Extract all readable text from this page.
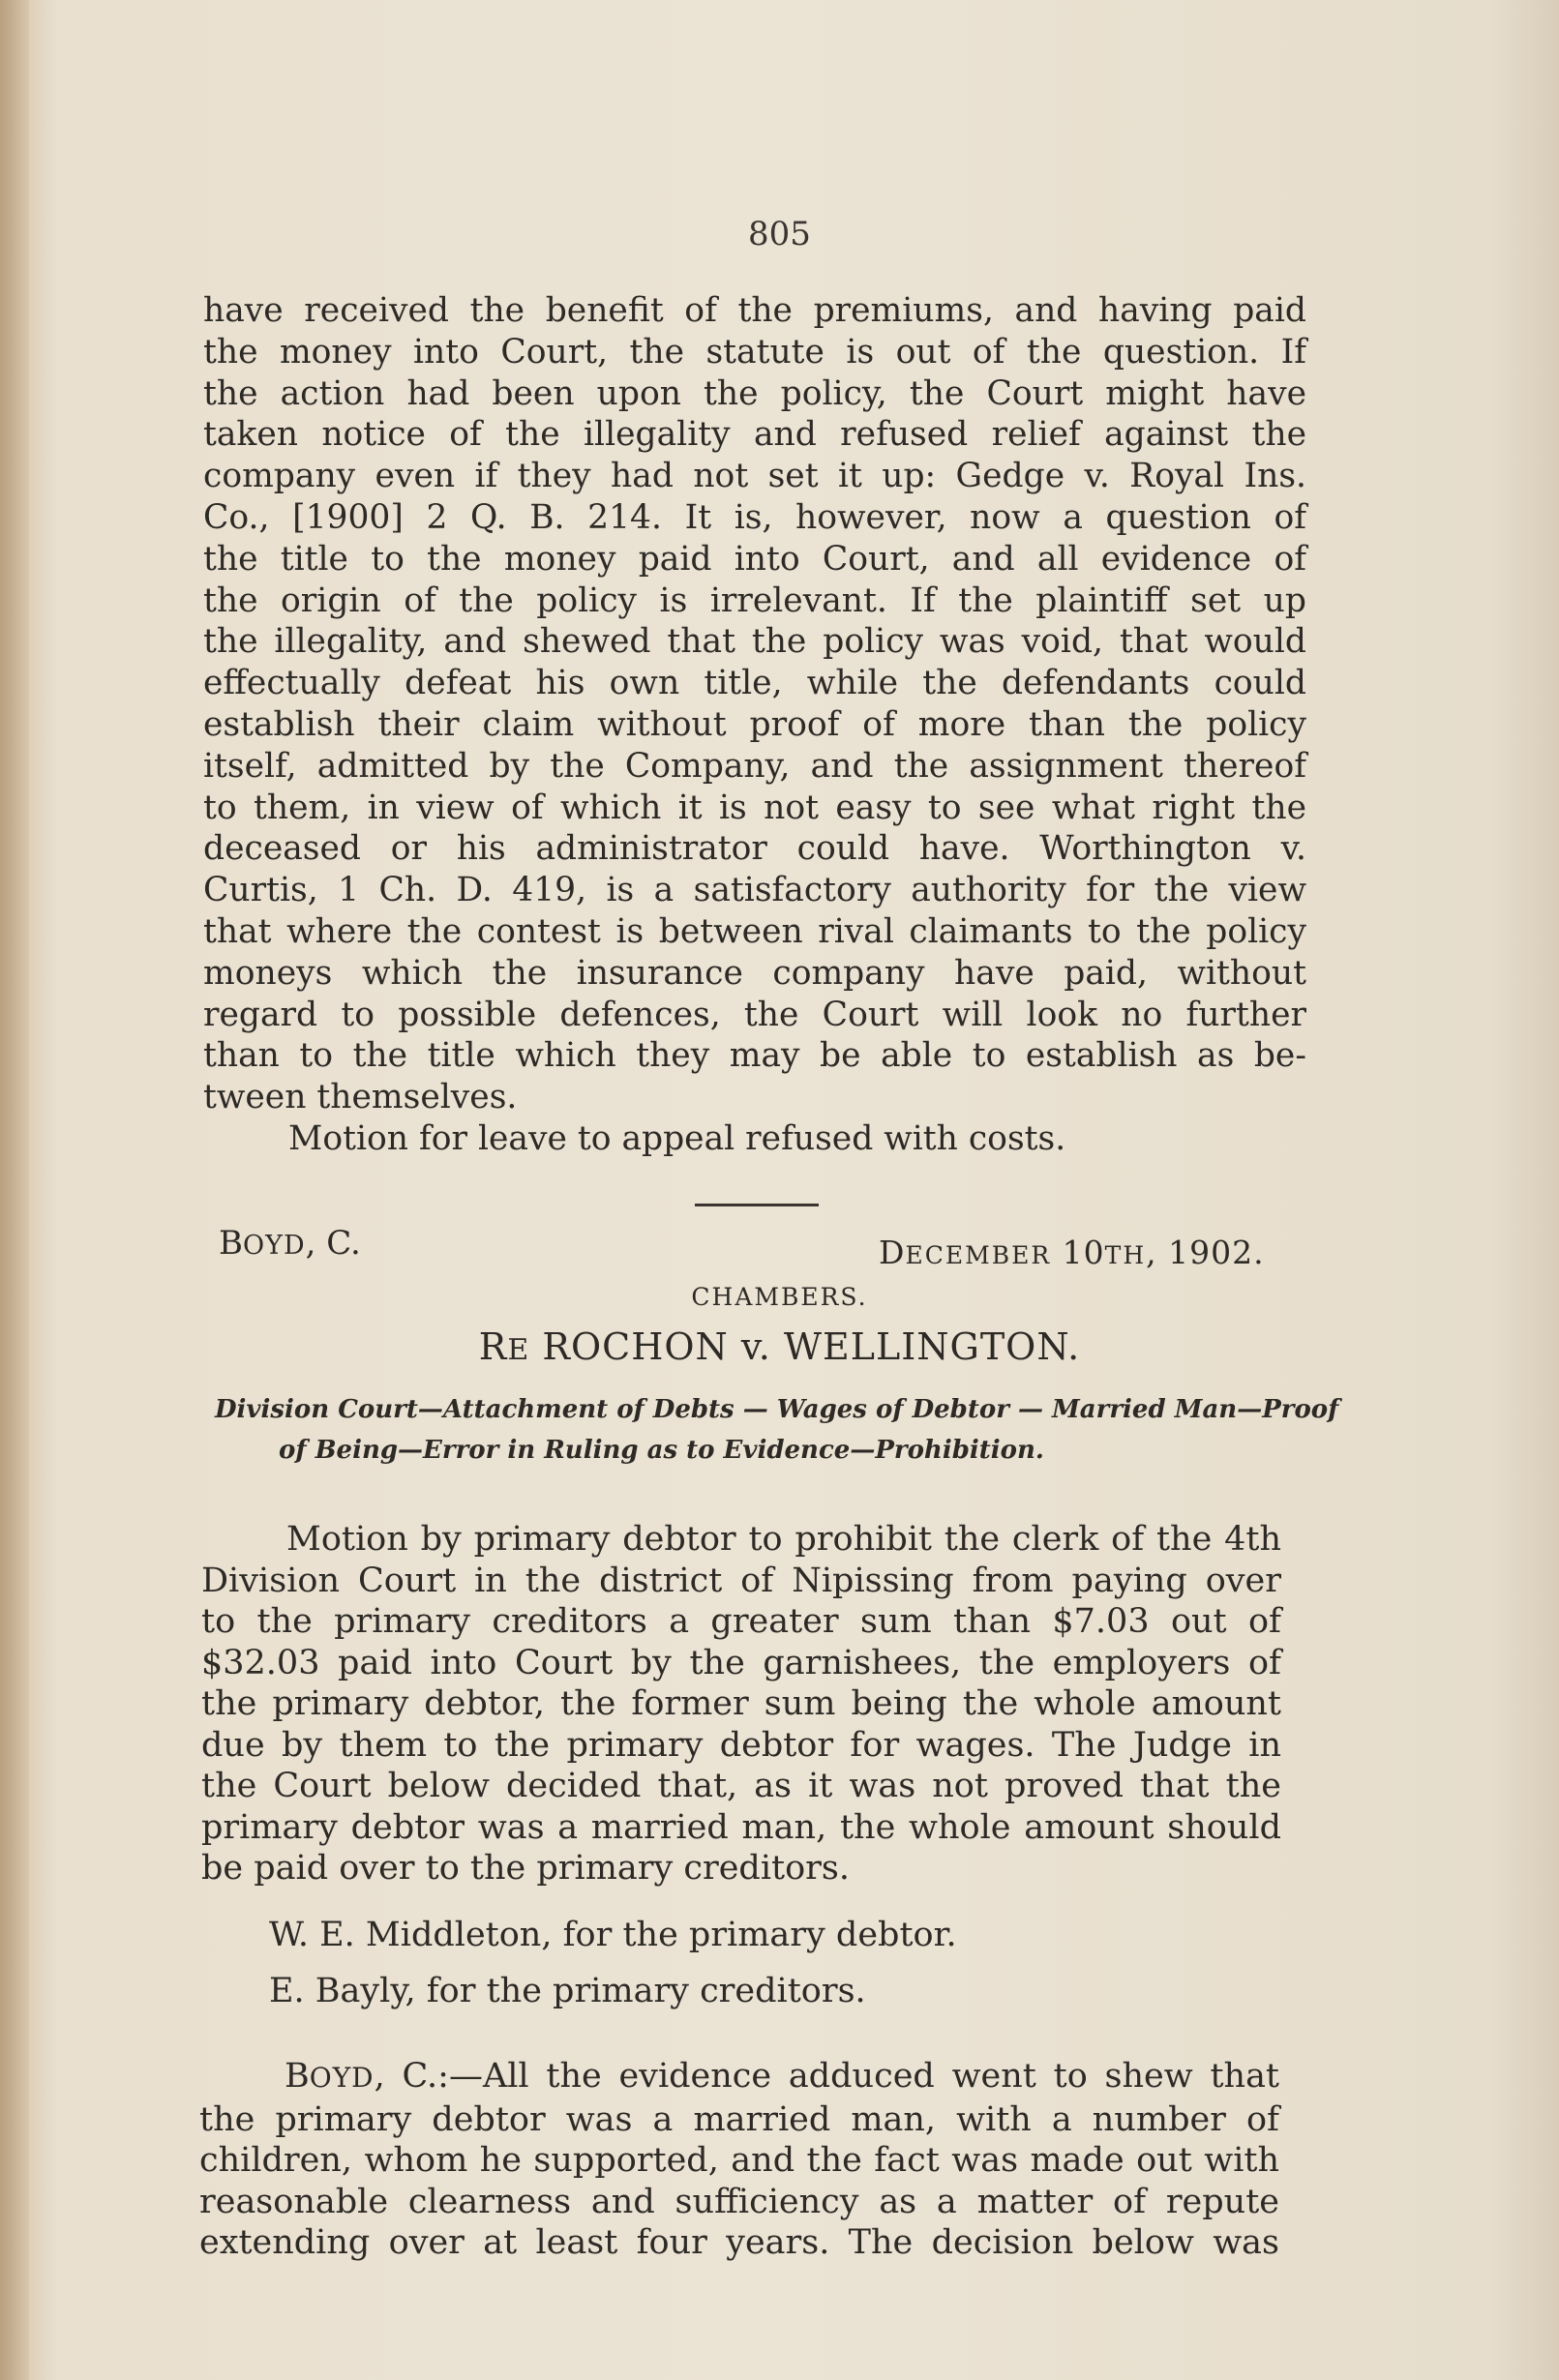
805
have received the benefit of the premiums, and having paid
the money into Court, the statute is out of the question. If
the action had been upon the policy, the Court might have
taken notice of the illegality and refused relief against the
company even if they had not set it up: Gedge v. Royal Ins.
Co., [1900] 2 Q. B. 214. It is, however, now a question of
the title to the money paid into Court, and all evidence of
the origin of the policy is irrelevant. If the plaintiff set up
the illegality, and shewed that the policy was void, that would
effectually defeat his own title, while the defendants could
establish their claim without proof of more than the policy
itself, admitted by the Company, and the assignment thereof
to them, in view of which it is not easy to see what right the
deceased or his administrator could have. Worthington v.
Curtis, 1 Ch. D. 419, is a satisfactory authority for the view
that where the contest is between rival claimants to the policy
moneys which the insurance company have paid, without
regard to possible defences, the Court will look no further
than to the title which they may be able to establish as be-
tween themselves.
Motion for leave to appeal refused with costs.
BOYD, C.	DECEMBER 10TH, 1902.
CHAMBERS.
RE ROCHON v. WELLINGTON.
Division Court—Attachment of Debts — Wages of Debtor — Married Man—Proof of Being—Error in Ruling as to Evidence—Prohibition.
Motion by primary debtor to prohibit the clerk of the 4th
Division Court in the district of Nipissing from paying over
to the primary creditors a greater sum than $7.03 out of
$32.03 paid into Court by the garnishees, the employers of
the primary debtor, the former sum being the whole amount
due by them to the primary debtor for wages. The Judge in
the Court below decided that, as it was not proved that the
primary debtor was a married man, the whole amount should
be paid over to the primary creditors.
W. E. Middleton, for the primary debtor.
E. Bayly, for the primary creditors.
BOYD, C.:—All the evidence adduced went to shew that
the primary debtor was a married man, with a number of
children, whom he supported, and the fact was made out with
reasonable clearness and sufficiency as a matter of repute
extending over at least four years. The decision below was
